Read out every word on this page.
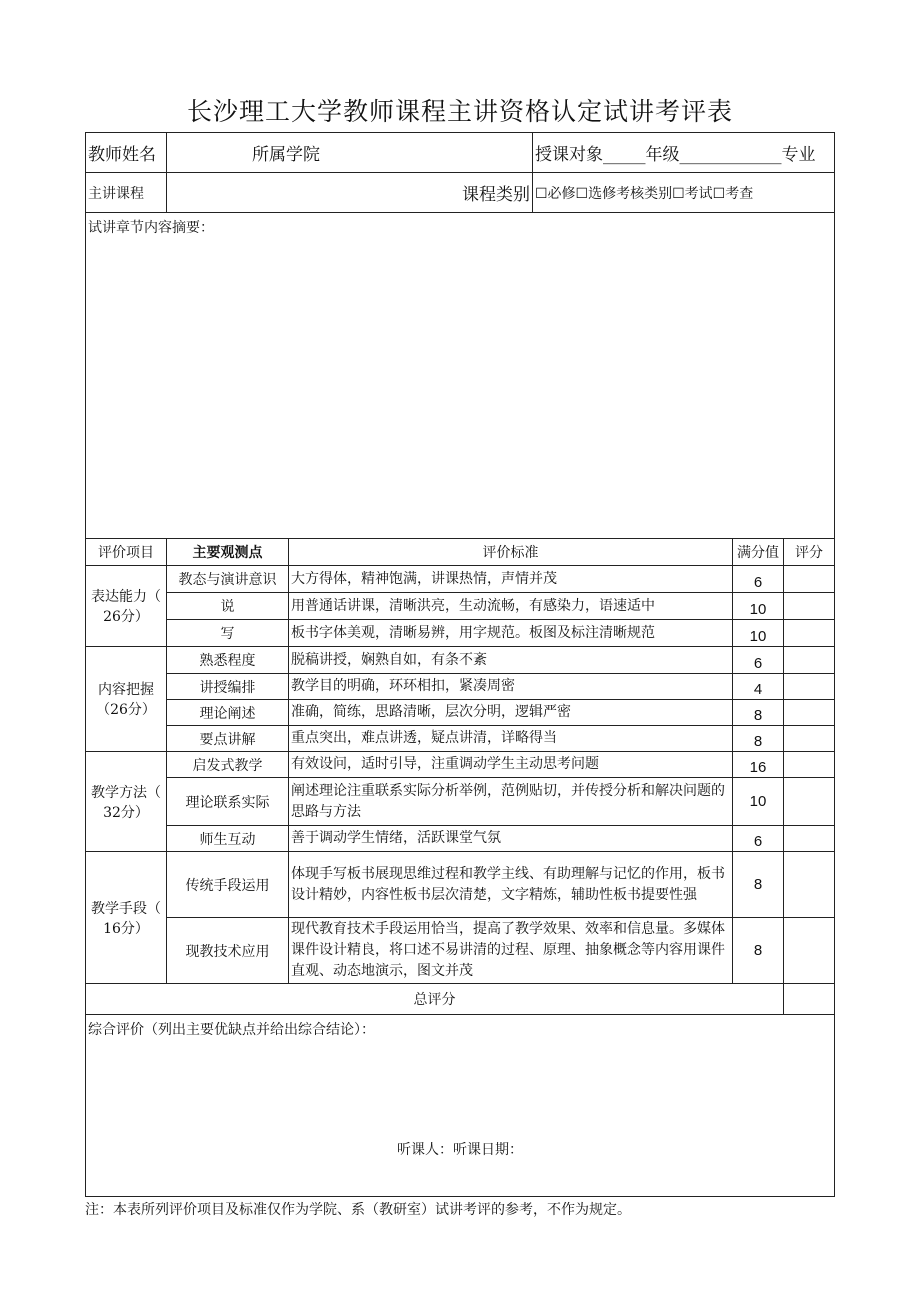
长沙理工大学教师课程主讲资格认定试讲考评表
教师姓名	所属学院		授课对象_____年级____________专业		
主讲课程	课程类别		☐必修☐选修考核类别☐考试☐考查		
试讲章节内容摘要：					
评价项目	主要观测点	评价标准		满分值	评分

表达能力（
26分）	教态与演讲意识	大方得体，精神饱满，讲课热情，声情并茂		6	
	说	用普通话讲课，清晰洪亮，生动流畅，有感染力，语速适中		10	
	写	板书字体美观，清晰易辨，用字规范。板图及标注清晰规范		10	

内容把握
（26分）	熟悉程度	脱稿讲授，娴熟自如，有条不紊		6	
	讲授编排	教学目的明确，环环相扣，紧凑周密		4	
	理论阐述	准确，简练，思路清晰，层次分明，逻辑严密		8	
	要点讲解	重点突出，难点讲透，疑点讲清，详略得当		8	

教学方法（
32分）	启发式教学	有效设问，适时引导，注重调动学生主动思考问题		16	
	理论联系实际	阐述理论注重联系实际分析举例，范例贴切，并传授分析和解决问题的思路与方法		10	
	师生互动	善于调动学生情绪，活跃课堂气氛		6	

教学手段（
16分）	传统手段运用	体现手写板书展现思维过程和教学主线、有助理解与记忆的作用，板书设计精妙，内容性板书层次清楚，文字精炼，辅助性板书提要性强		8	
	现教技术应用	现代教育技术手段运用恰当，提高了教学效果、效率和信息量。多媒体课件设计精良，将口述不易讲清的过程、原理、抽象概念等内容用课件直观、动态地演示，图文并茂		8	
总评分					

综合评价（列出主要优缺点并给出综合结论）：
听课人：听课日期：					
注：本表所列评价项目及标准仅作为学院、系（教研室）试讲考评的参考，不作为规定。
